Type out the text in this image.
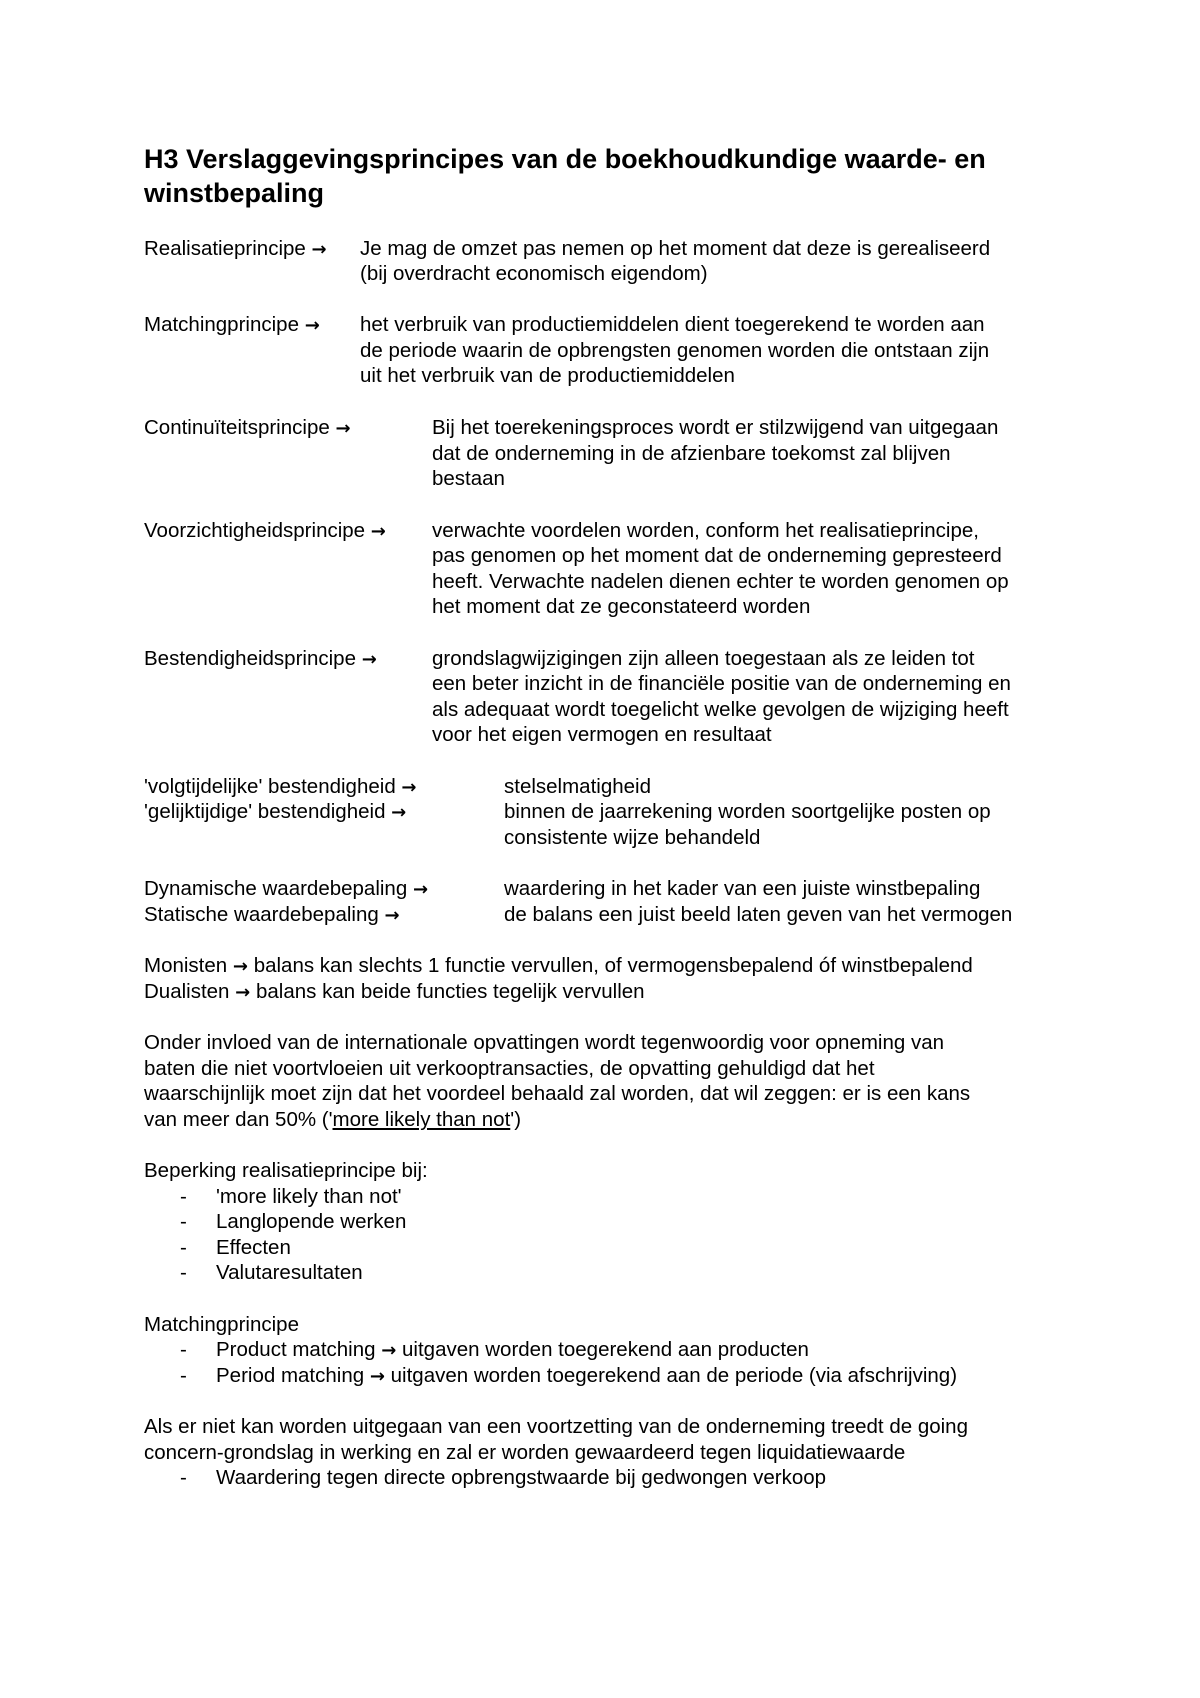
H3 Verslaggevingsprincipes van de boekhoudkundige waarde- en winstbepaling
Realisatieprincipe → Je mag de omzet pas nemen op het moment dat deze is gerealiseerd
(bij overdracht economisch eigendom)
Matchingprincipe → het verbruik van productiemiddelen dient toegerekend te worden aan
de periode waarin de opbrengsten genomen worden die ontstaan zijn
uit het verbruik van de productiemiddelen
Continuïteitsprincipe →	Bij het toerekeningsproces wordt er stilzwijgend van uitgegaan
dat de onderneming in de afzienbare toekomst zal blijven
bestaan
Voorzichtigheidsprincipe → verwachte voordelen worden, conform het realisatieprincipe,
pas genomen op het moment dat de onderneming gepresteerd
heeft. Verwachte nadelen dienen echter te worden genomen op
het moment dat ze geconstateerd worden
Bestendigheidsprincipe →	grondslagwijzigingen zijn alleen toegestaan als ze leiden tot
een beter inzicht in de financiële positie van de onderneming en
als adequaat wordt toegelicht welke gevolgen de wijziging heeft
voor het eigen vermogen en resultaat
'volgtijdelijke' bestendigheid →	stelselmatigheid
'gelijktijdige' bestendigheid →	binnen de jaarrekening worden soortgelijke posten op
consistente wijze behandeld
Dynamische waardebepaling →	waardering in het kader van een juiste winstbepaling
Statische waardebepaling →	de balans een juist beeld laten geven van het vermogen
Monisten → balans kan slechts 1 functie vervullen, of vermogensbepalend óf winstbepalend
Dualisten → balans kan beide functies tegelijk vervullen
Onder invloed van de internationale opvattingen wordt tegenwoordig voor opneming van
baten die niet voortvloeien uit verkooptransacties, de opvatting gehuldigd dat het
waarschijnlijk moet zijn dat het voordeel behaald zal worden, dat wil zeggen: er is een kans
van meer dan 50% ('more likely than not')
Beperking realisatieprincipe bij:
- 'more likely than not'
- Langlopende werken
- Effecten
- Valutaresultaten
Matchingprincipe
- Product matching → uitgaven worden toegerekend aan producten
- Period matching → uitgaven worden toegerekend aan de periode (via afschrijving)
Als er niet kan worden uitgegaan van een voortzetting van de onderneming treedt de going
concern-grondslag in werking en zal er worden gewaardeerd tegen liquidatiewaarde
- Waardering tegen directe opbrengstwaarde bij gedwongen verkoop
